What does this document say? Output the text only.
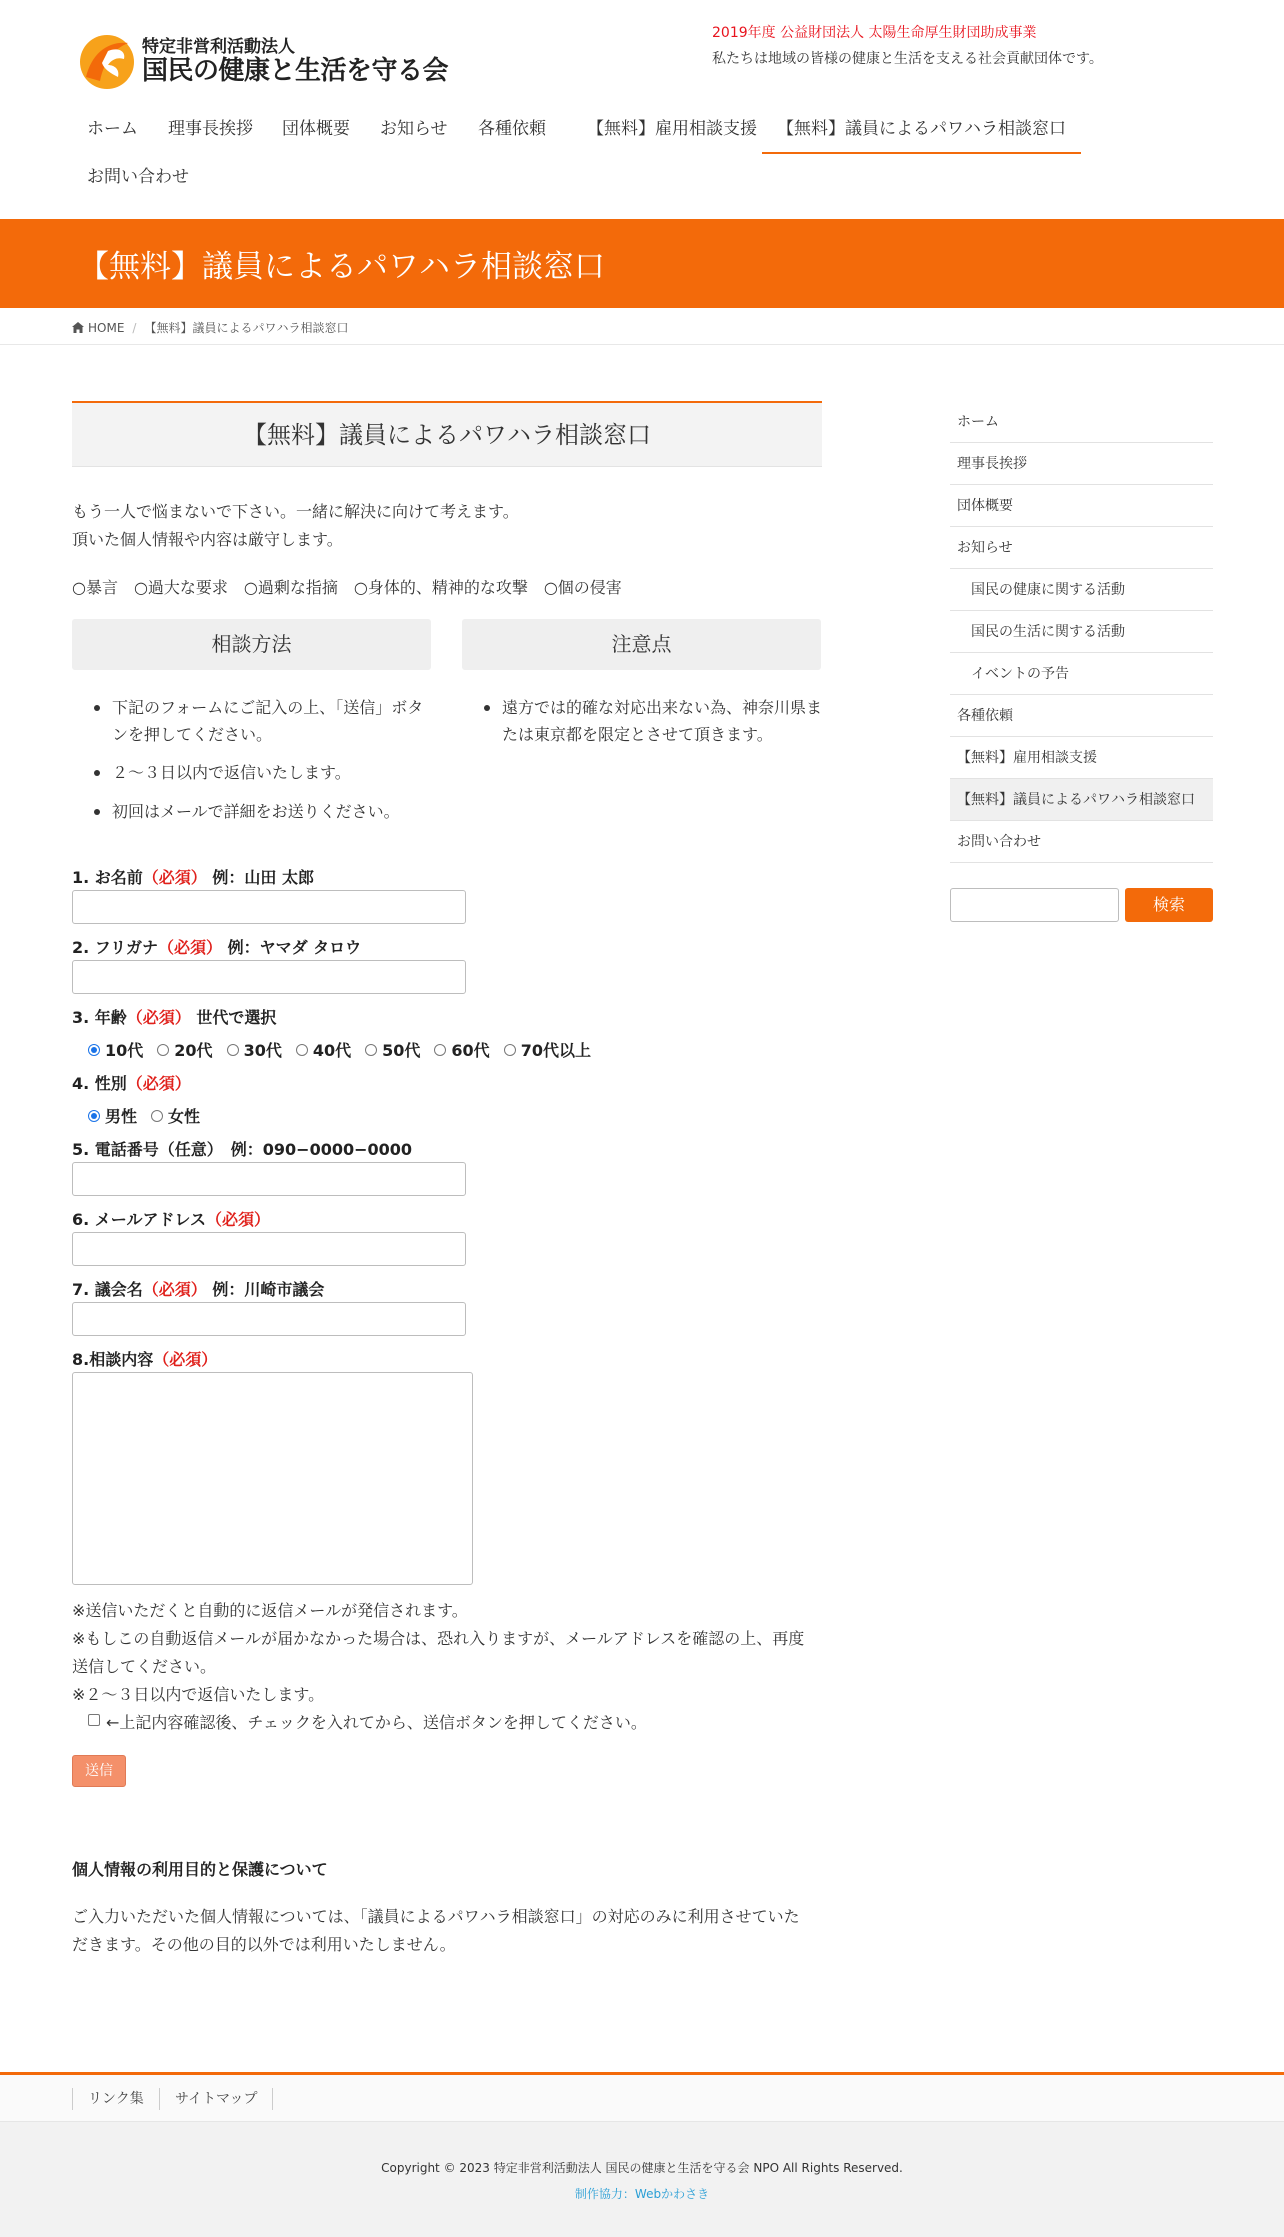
特定非営利活動法人
国民の健康と生活を守る会
2019年度 公益財団法人 太陽生命厚生財団助成事業
私たちは地域の皆様の健康と生活を支える社会貢献団体です。
ホーム	理事長挨拶	団体概要	お知らせ	各種依頼	【無料】雇用相談支援	【無料】議員によるパワハラ相談窓口
お問い合わせ
【無料】議員によるパワハラ相談窓口
HOME / 【無料】議員によるパワハラ相談窓口
【無料】議員によるパワハラ相談窓口
もう一人で悩まないで下さい。一緒に解決に向けて考えます。
頂いた個人情報や内容は厳守します。
○暴言　○過大な要求　○過剰な指摘　○身体的、精神的な攻撃　○個の侵害
相談方法	注意点
下記のフォームにご記入の上、「送信」ボタ
ンを押してください。
２〜３日以内で返信いたします。
初回はメールで詳細をお送りください。
遠方では的確な対応出来ない為、神奈川県ま
たは東京都を限定とさせて頂きます。
1. お名前（必須） 例：山田 太郎
2. フリガナ（必須） 例：ヤマダ タロウ
3. 年齢（必須） 世代で選択
10代 20代 30代 40代 50代 60代 70代以上
4. 性別（必須）
男性 女性
5. 電話番号（任意）　例：090−0000−0000
6. メールアドレス（必須）
7. 議会名（必須） 例：川崎市議会
8.相談内容（必須）
※送信いただくと自動的に返信メールが発信されます。
※もしこの自動返信メールが届かなかった場合は、恐れ入りますが、メールアドレスを確認の上、再度
送信してください。
※２〜３日以内で返信いたします。
←上記内容確認後、チェックを入れてから、送信ボタンを押してください。
送信
個人情報の利用目的と保護について
ご入力いただいた個人情報については、「議員によるパワハラ相談窓口」の対応のみに利用させていた
だきます。その他の目的以外では利用いたしません。
ホーム
理事長挨拶
団体概要
お知らせ
国民の健康に関する活動
国民の生活に関する活動
イベントの予告
各種依頼
【無料】雇用相談支援
【無料】議員によるパワハラ相談窓口
お問い合わせ
検索
リンク集	サイトマップ
Copyright © 2023 特定非営利活動法人 国民の健康と生活を守る会 NPO All Rights Reserved.
制作協力：Webかわさき
